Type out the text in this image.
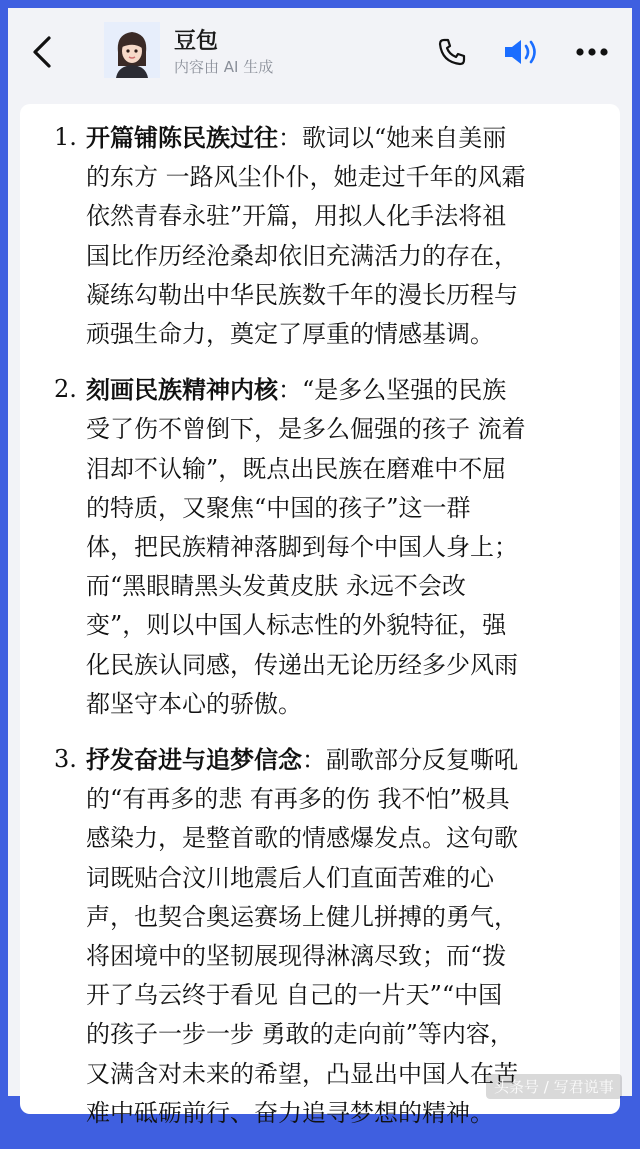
豆包
内容由 AI 生成
1. 开篇铺陈民族过往：歌词以“她来自美丽
的东方 一路风尘仆仆，她走过千年的风霜
依然青春永驻”开篇，用拟人化手法将祖
国比作历经沧桑却依旧充满活力的存在，
凝练勾勒出中华民族数千年的漫长历程与
顽强生命力，奠定了厚重的情感基调。
2. 刻画民族精神内核：“是多么坚强的民族
受了伤不曾倒下，是多么倔强的孩子 流着
泪却不认输”，既点出民族在磨难中不屈
的特质，又聚焦“中国的孩子”这一群
体，把民族精神落脚到每个中国人身上；
而“黑眼睛黑头发黄皮肤 永远不会改
变”，则以中国人标志性的外貌特征，强
化民族认同感，传递出无论历经多少风雨
都坚守本心的骄傲。
3. 抒发奋进与追梦信念：副歌部分反复嘶吼
的“有再多的悲 有再多的伤 我不怕”极具
感染力，是整首歌的情感爆发点。这句歌
词既贴合汶川地震后人们直面苦难的心
声，也契合奥运赛场上健儿拼搏的勇气，
将困境中的坚韧展现得淋漓尽致；而“拨
开了乌云终于看见 自己的一片天”“中国
的孩子一步一步 勇敢的走向前”等内容，
又满含对未来的希望，凸显出中国人在苦
难中砥砺前行、奋力追寻梦想的精神。
头条号 / 写君说事
